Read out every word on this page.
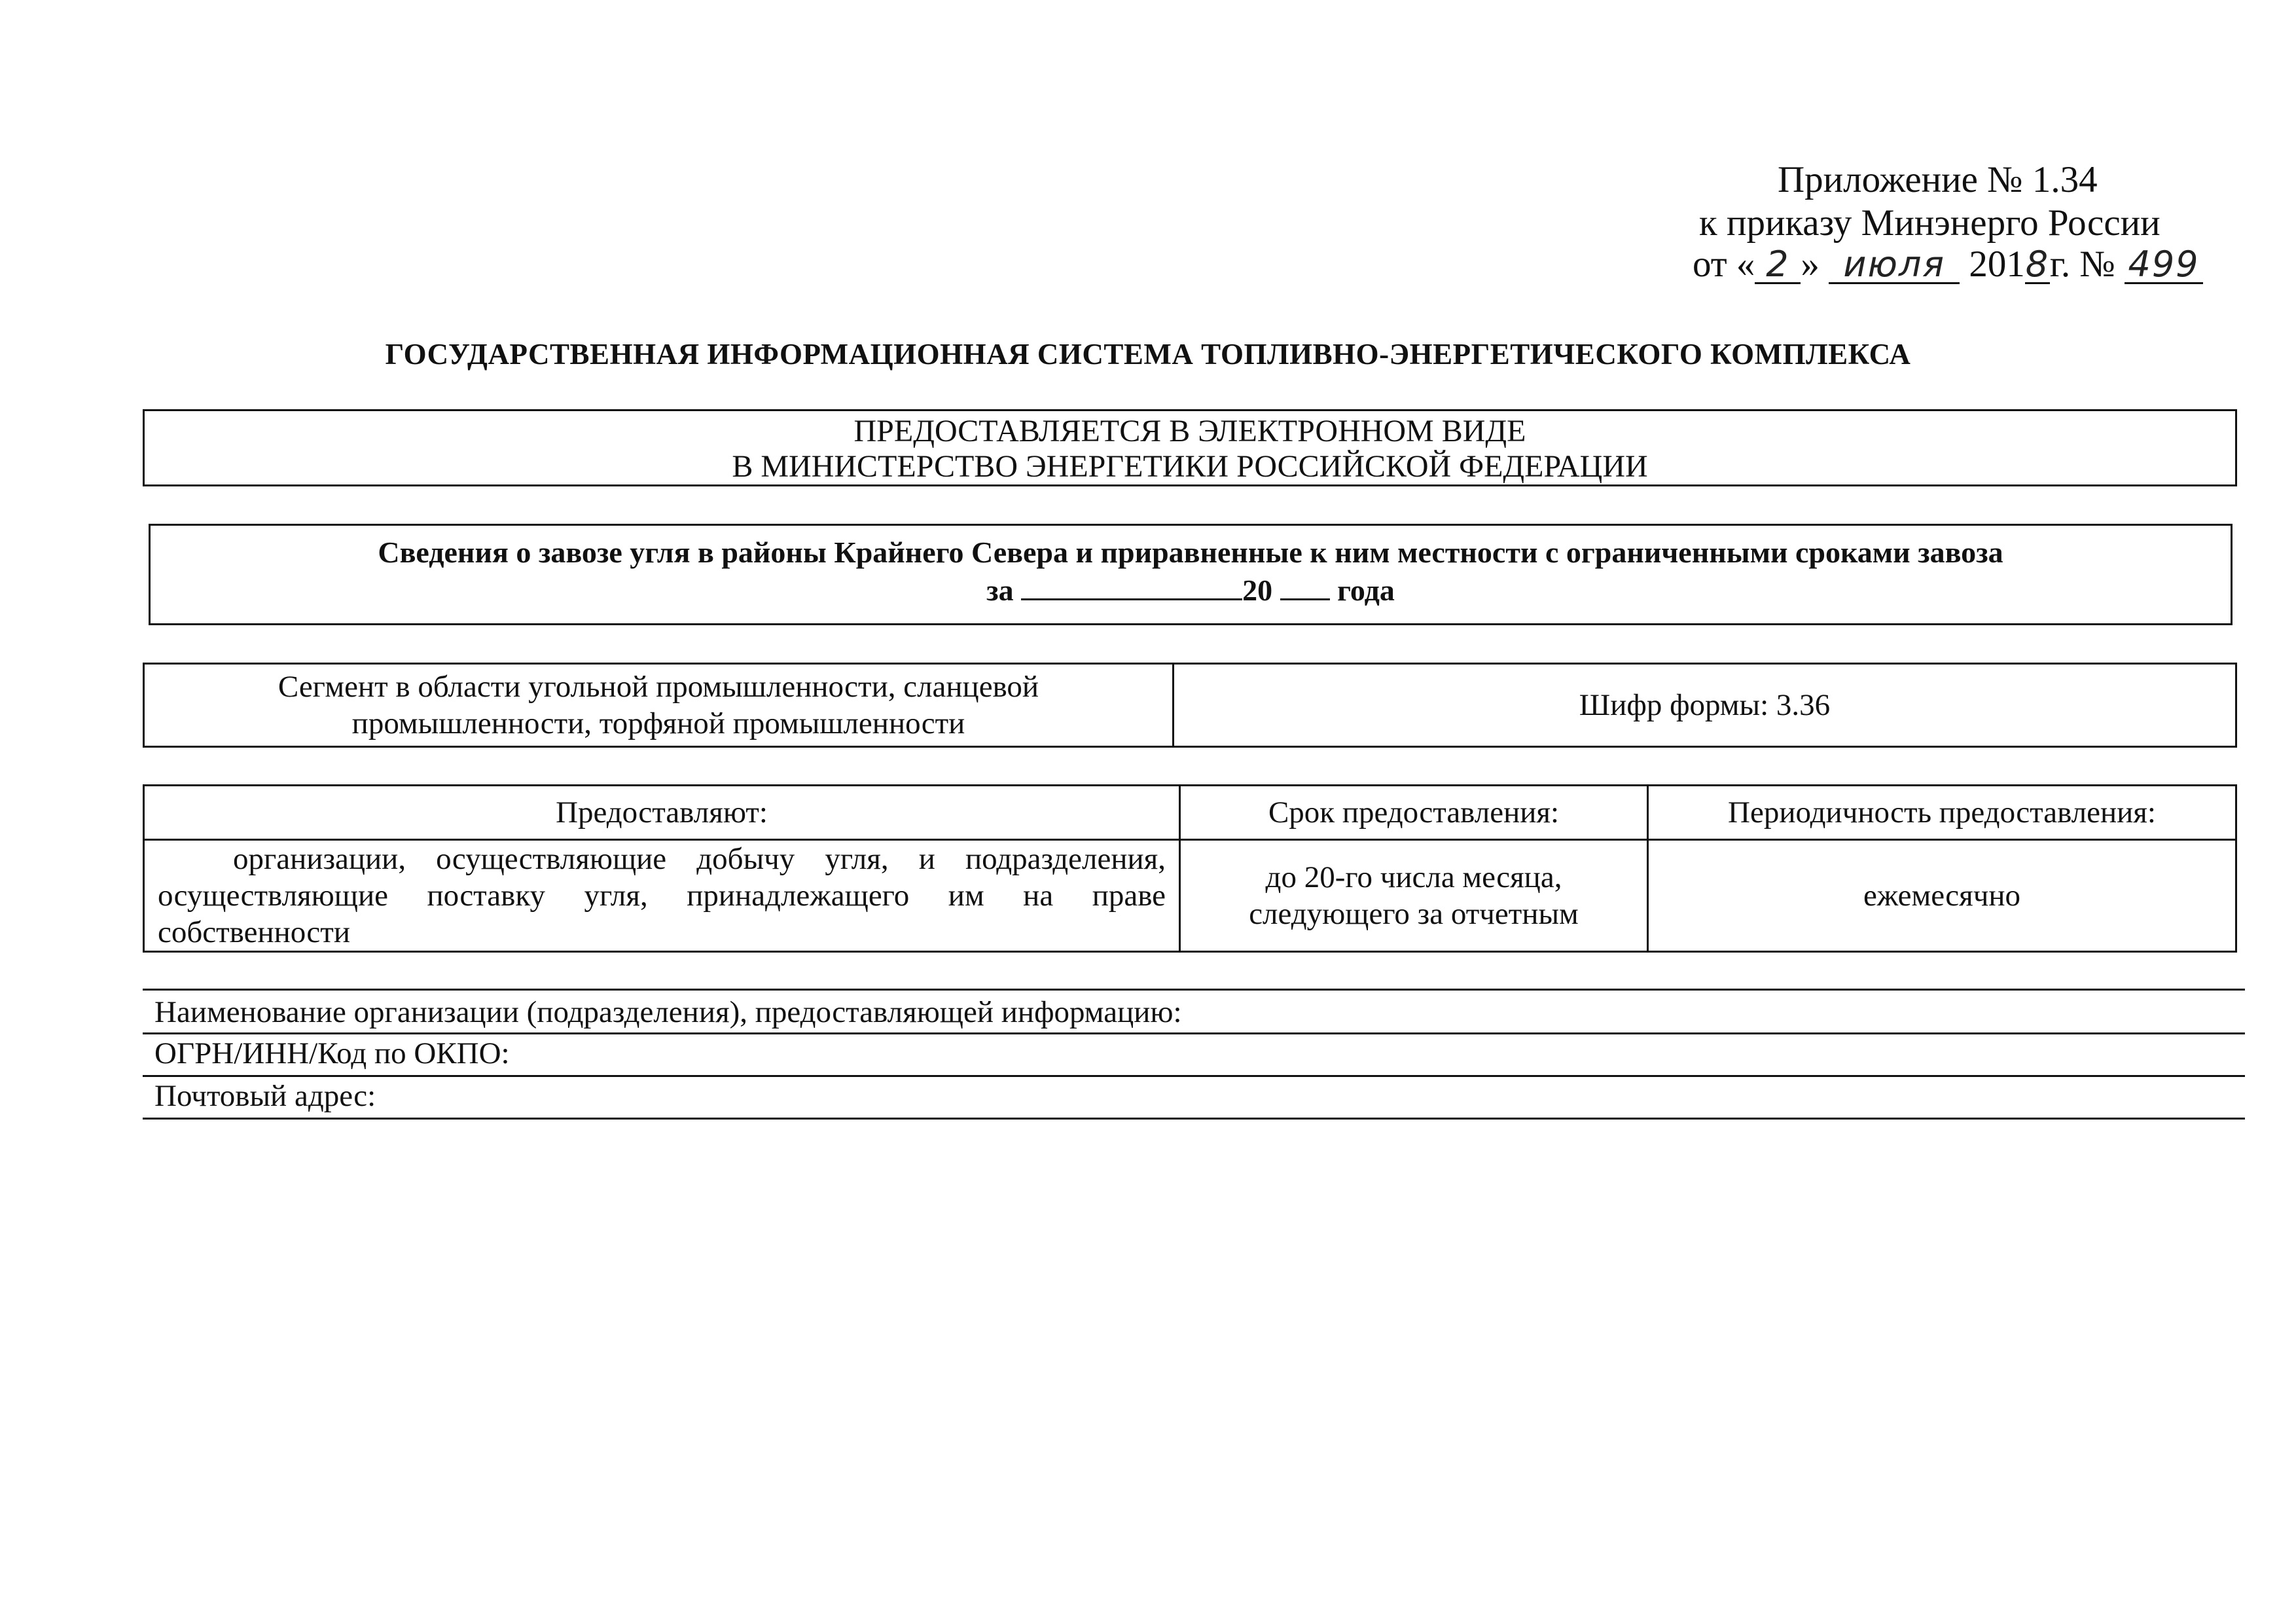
Приложение № 1.34
к приказу Минэнерго России
от « 2 » июля 2018г. № 499
ГОСУДАРСТВЕННАЯ ИНФОРМАЦИОННАЯ СИСТЕМА ТОПЛИВНО-ЭНЕРГЕТИЧЕСКОГО КОМПЛЕКСА
ПРЕДОСТАВЛЯЕТСЯ В ЭЛЕКТРОННОМ ВИДЕ
В МИНИСТЕРСТВО ЭНЕРГЕТИКИ РОССИЙСКОЙ ФЕДЕРАЦИИ
Сведения о завозе угля в районы Крайнего Севера и приравненные к ним местности с ограниченными сроками завоза
за	20 года
Сегмент в области угольной промышленности, сланцевой промышленности, торфяной промышленности	Шифр формы: 3.36
Предоставляют:	Срок предоставления:	Периодичность предоставления:
организации, осуществляющие добычу угля, и подразделения, осуществляющие поставку угля, принадлежащего им на праве собственности	до 20-го числа месяца, следующего за отчетным	ежемесячно
Наименование организации (подразделения), предоставляющей информацию:
ОГРН/ИНН/Код по ОКПО:
Почтовый адрес:
